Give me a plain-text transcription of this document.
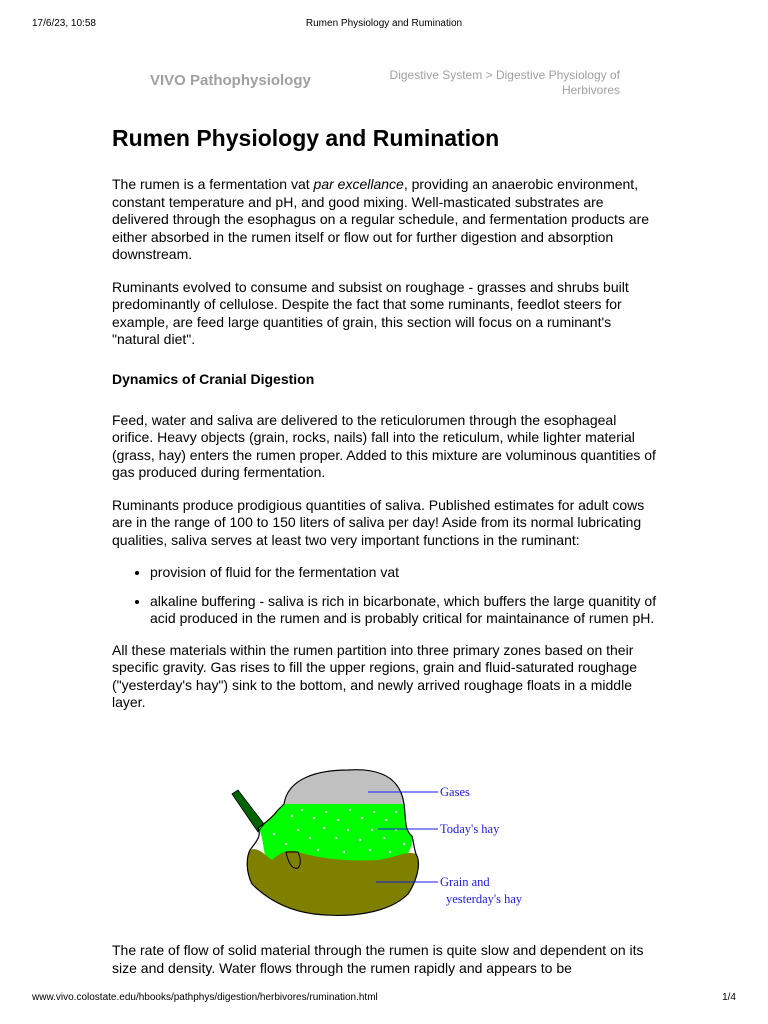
17/6/23, 10:58	Rumen Physiology and Rumination
VIVO Pathophysiology	Digestive System > Digestive Physiology of Herbivores
Rumen Physiology and Rumination

The rumen is a fermentation vat par excellance, providing an anaerobic environment, constant temperature and pH, and good mixing. Well-masticated substrates are delivered through the esophagus on a regular schedule, and fermentation products are either absorbed in the rumen itself or flow out for further digestion and absorption downstream.

Ruminants evolved to consume and subsist on roughage - grasses and shrubs built predominantly of cellulose. Despite the fact that some ruminants, feedlot steers for example, are feed large quantities of grain, this section will focus on a ruminant's "natural diet".

Dynamics of Cranial Digestion

Feed, water and saliva are delivered to the reticulorumen through the esophageal orifice. Heavy objects (grain, rocks, nails) fall into the reticulum, while lighter material (grass, hay) enters the rumen proper. Added to this mixture are voluminous quantities of gas produced during fermentation.

Ruminants produce prodigious quantities of saliva. Published estimates for adult cows are in the range of 100 to 150 liters of saliva per day! Aside from its normal lubricating qualities, saliva serves at least two very important functions in the ruminant:

• provision of fluid for the fermentation vat
• alkaline buffering - saliva is rich in bicarbonate, which buffers the large quanitity of acid produced in the rumen and is probably critical for maintainance of rumen pH.

All these materials within the rumen partition into three primary zones based on their specific gravity. Gas rises to fill the upper regions, grain and fluid-saturated roughage ("yesterday's hay") sink to the bottom, and newly arrived roughage floats in a middle layer.

Gases
Today's hay
Grain and
yesterday's hay

The rate of flow of solid material through the rumen is quite slow and dependent on its size and density. Water flows through the rumen rapidly and appears to be

www.vivo.colostate.edu/hbooks/pathphys/digestion/herbivores/rumination.html	1/4
